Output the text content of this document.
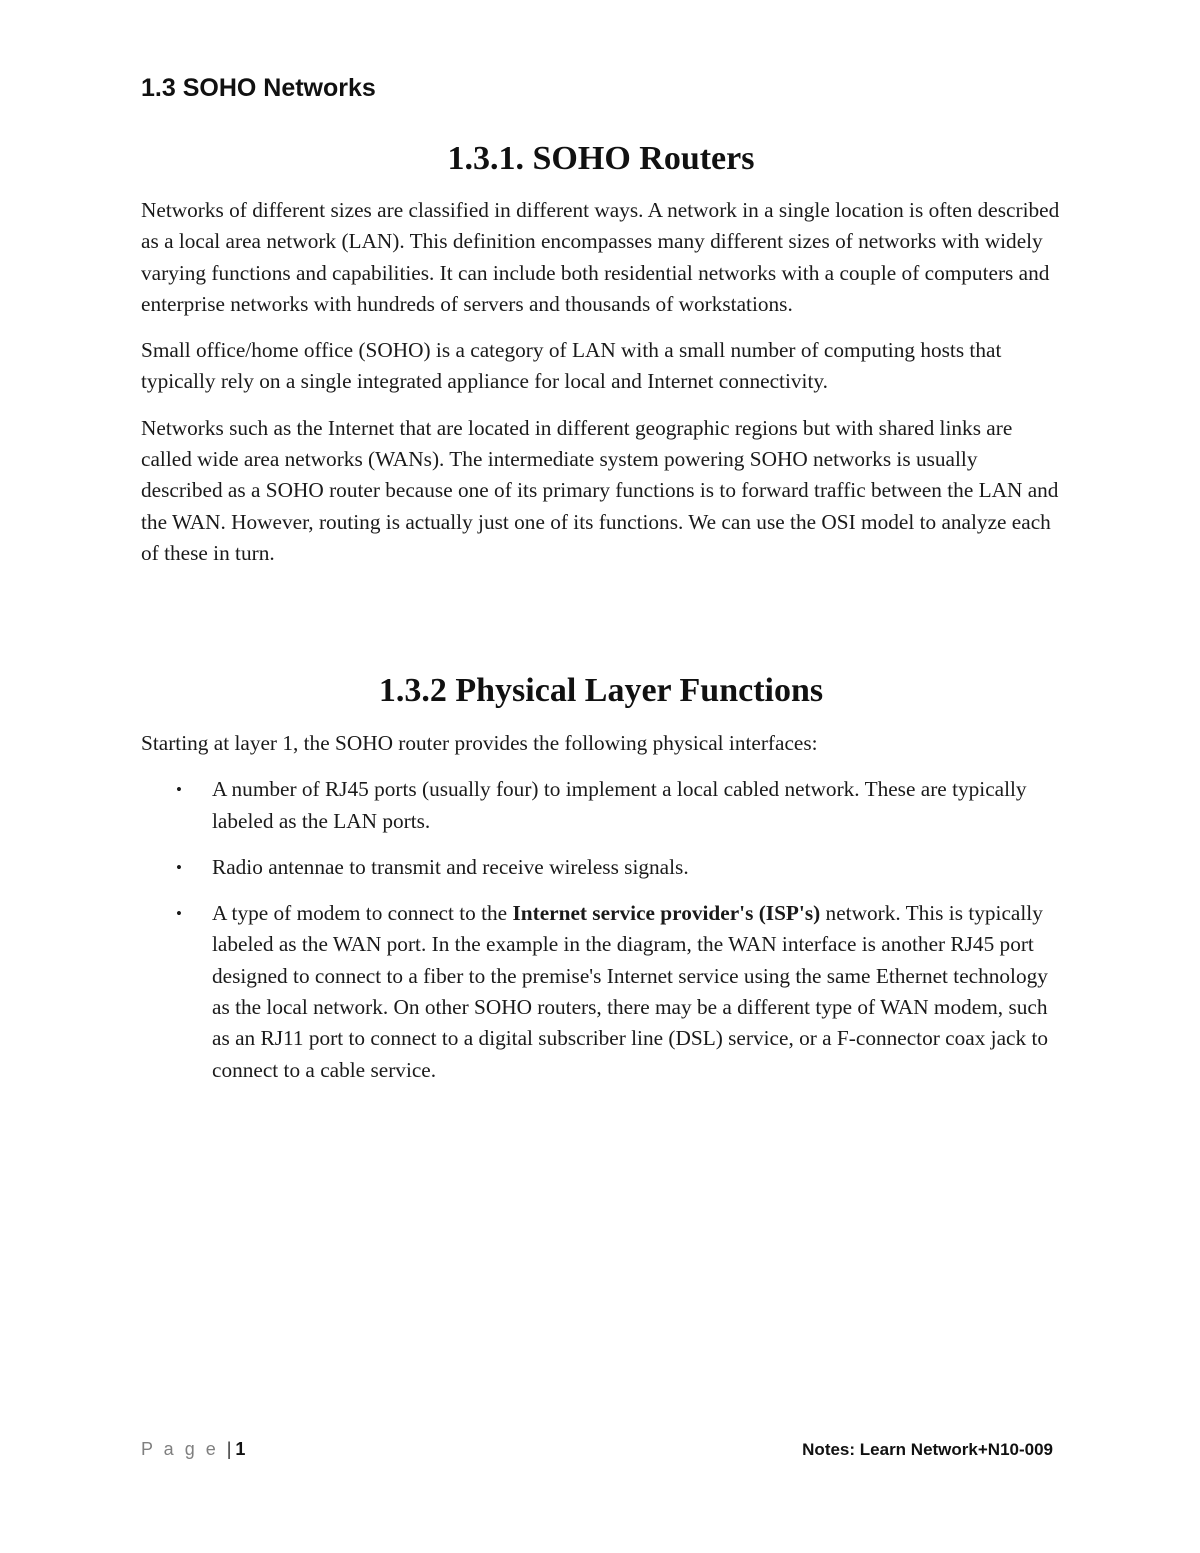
1.3 SOHO Networks
1.3.1. SOHO Routers

Networks of different sizes are classified in different ways. A network in a single location is often described as a local area network (LAN). This definition encompasses many different sizes of networks with widely varying functions and capabilities. It can include both residential networks with a couple of computers and enterprise networks with hundreds of servers and thousands of workstations.

Small office/home office (SOHO) is a category of LAN with a small number of computing hosts that typically rely on a single integrated appliance for local and Internet connectivity.

Networks such as the Internet that are located in different geographic regions but with shared links are called wide area networks (WANs). The intermediate system powering SOHO networks is usually described as a SOHO router because one of its primary functions is to forward traffic between the LAN and the WAN. However, routing is actually just one of its functions. We can use the OSI model to analyze each of these in turn.

1.3.2 Physical Layer Functions

Starting at layer 1, the SOHO router provides the following physical interfaces:

• A number of RJ45 ports (usually four) to implement a local cabled network. These are typically labeled as the LAN ports.
• Radio antennae to transmit and receive wireless signals.
• A type of modem to connect to the Internet service provider's (ISP's) network. This is typically labeled as the WAN port. In the example in the diagram, the WAN interface is another RJ45 port designed to connect to a fiber to the premise's Internet service using the same Ethernet technology as the local network. On other SOHO routers, there may be a different type of WAN modem, such as an RJ11 port to connect to a digital subscriber line (DSL) service, or a F-connector coax jack to connect to a cable service.
P a g e | 1	Notes: Learn Network+N10-009
